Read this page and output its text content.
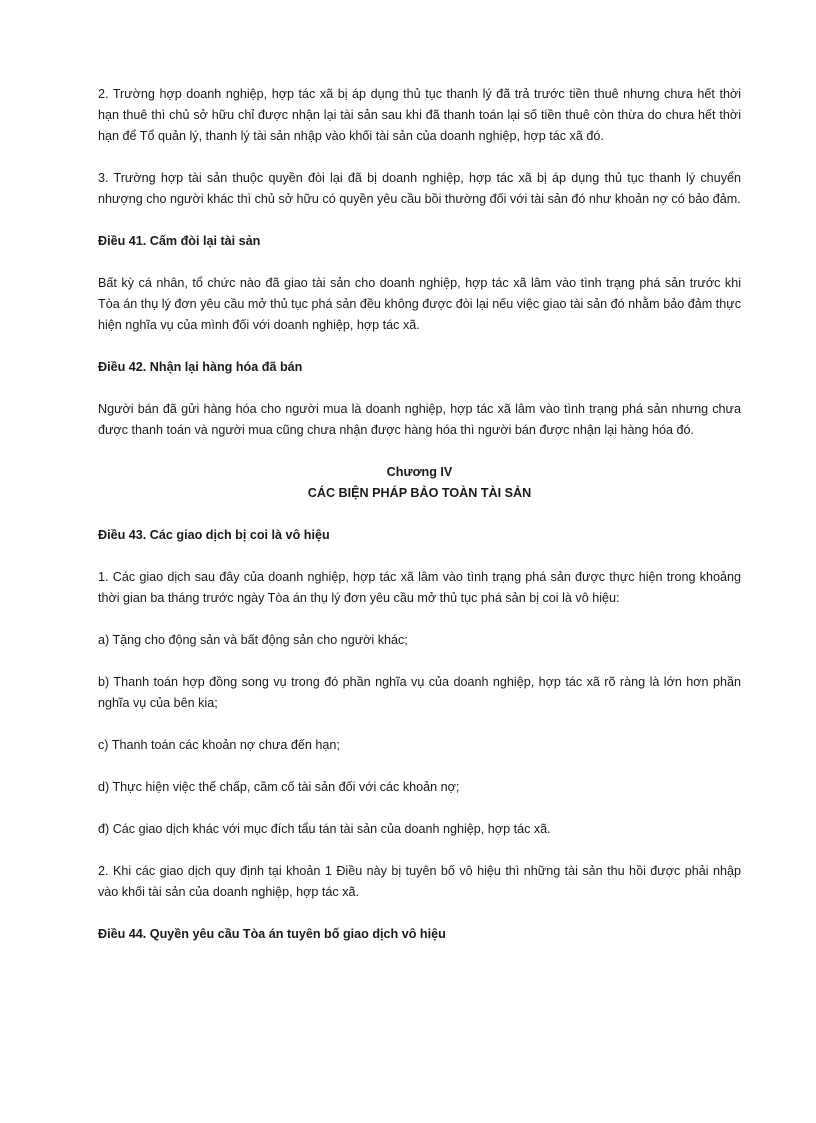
2. Trường hợp doanh nghiệp, hợp tác xã bị áp dụng thủ tục thanh lý đã trả trước tiền thuê nhưng chưa hết thời hạn thuê thì chủ sở hữu chỉ được nhận lại tài sản sau khi đã thanh toán lại số tiền thuê còn thừa do chưa hết thời hạn để Tổ quản lý, thanh lý tài sản nhập vào khối tài sản của doanh nghiệp, hợp tác xã đó.

3. Trường hợp tài sản thuộc quyền đòi lại đã bị doanh nghiệp, hợp tác xã bị áp dụng thủ tục thanh lý chuyển nhượng cho người khác thì chủ sở hữu có quyền yêu cầu bồi thường đối với tài sản đó như khoản nợ có bảo đảm.

Điều 41. Cấm đòi lại tài sản

Bất kỳ cá nhân, tổ chức nào đã giao tài sản cho doanh nghiệp, hợp tác xã lâm vào tình trạng phá sản trước khi Tòa án thụ lý đơn yêu cầu mở thủ tục phá sản đều không được đòi lại nếu việc giao tài sản đó nhằm bảo đảm thực hiện nghĩa vụ của mình đối với doanh nghiệp, hợp tác xã.

Điều 42. Nhận lại hàng hóa đã bán

Người bán đã gửi hàng hóa cho người mua là doanh nghiệp, hợp tác xã lâm vào tình trạng phá sản nhưng chưa được thanh toán và người mua cũng chưa nhận được hàng hóa thì người bán được nhận lại hàng hóa đó.

Chương IV
CÁC BIỆN PHÁP BẢO TOÀN TÀI SẢN
Điều 43. Các giao dịch bị coi là vô hiệu

1. Các giao dịch sau đây của doanh nghiệp, hợp tác xã lâm vào tình trạng phá sản được thực hiện trong khoảng thời gian ba tháng trước ngày Tòa án thụ lý đơn yêu cầu mở thủ tục phá sản bị coi là vô hiệu:

a) Tặng cho động sản và bất động sản cho người khác;

b) Thanh toán hợp đồng song vụ trong đó phần nghĩa vụ của doanh nghiệp, hợp tác xã rõ ràng là lớn hơn phần nghĩa vụ của bên kia;

c) Thanh toán các khoản nợ chưa đến hạn;

d) Thực hiện việc thế chấp, cầm cố tài sản đối với các khoản nợ;

đ) Các giao dịch khác với mục đích tẩu tán tài sản của doanh nghiệp, hợp tác xã.

2. Khi các giao dịch quy định tại khoản 1 Điều này bị tuyên bố vô hiệu thì những tài sản thu hồi được phải nhập vào khối tài sản của doanh nghiệp, hợp tác xã.

Điều 44. Quyền yêu cầu Tòa án tuyên bố giao dịch vô hiệu
